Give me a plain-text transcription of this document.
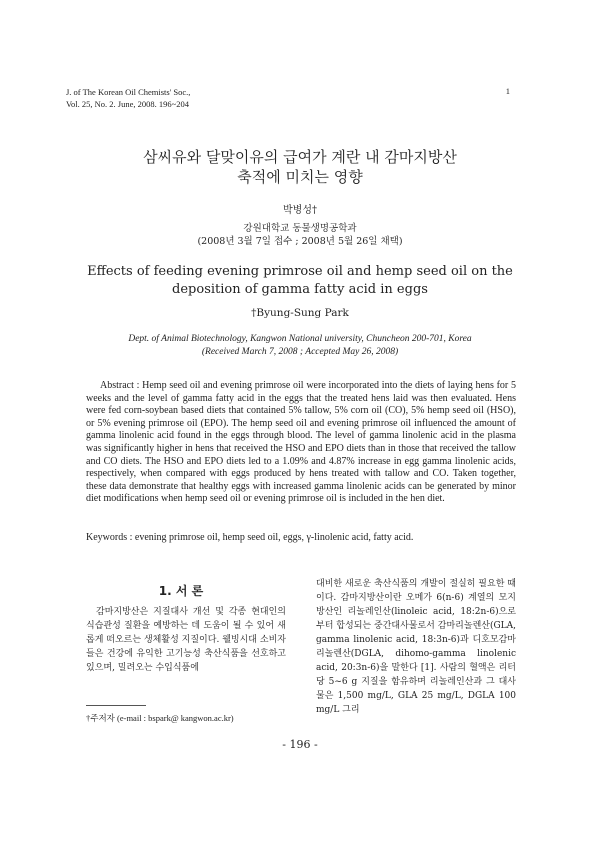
J. of The Korean Oil Chemists' Soc.,
Vol. 25, No. 2. June, 2008. 196~204
1
삼씨유와 달맞이유의 급여가 계란 내 감마지방산
축적에 미치는 영향
박병성†
강원대학교 동물생명공학과
(2008년 3월 7일 접수 ; 2008년 5월 26일 채택)
Effects of feeding evening primrose oil and hemp seed oil on the
deposition of gamma fatty acid in eggs
†Byung-Sung Park
Dept. of Animal Biotechnology, Kangwon National university, Chuncheon 200-701, Korea
(Received March 7, 2008 ; Accepted May 26, 2008)
Abstract : Hemp seed oil and evening primrose oil were incorporated into the diets of laying hens for 5 weeks and the level of gamma fatty acid in the eggs that the treated hens laid was then evaluated. Hens were fed corn-soybean based diets that contained 5% tallow, 5% corn oil (CO), 5% hemp seed oil (HSO), or 5% evening primrose oil (EPO). The hemp seed oil and evening primrose oil influenced the amount of gamma linolenic acid found in the eggs through blood. The level of gamma linolenic acid in the plasma was significantly higher in hens that received the HSO and EPO diets than in those that received the tallow and CO diets. The HSO and EPO diets led to a 1.09% and 4.87% increase in egg gamma linolenic acids, respectively, when compared with eggs produced by hens treated with tallow and CO. Taken together, these data demonstrate that healthy eggs with increased gamma linolenic acids can be generated by minor diet modifications when hemp seed oil or evening primrose oil is included in the hen diet.
Keywords : evening primrose oil, hemp seed oil, eggs, γ-linolenic acid, fatty acid.
1. 서 론
감마지방산은 지질대사 개선 및 각종 현대인의 식습관성 질환을 예방하는 데 도움이 될 수 있어 새롭게 떠오르는 생체활성 지질이다. 웰빙시대 소비자들은 건강에 유익한 고기능성 축산식품을 선호하고 있으며, 밀려오는 수입식품에
대비한 새로운 축산식품의 개발이 절실히 필요한 때이다. 감마지방산이란 오메가 6(n-6) 계열의 모지방산인 리놀레인산(linoleic acid, 18:2n-6)으로부터 합성되는 중간대사물로서 감마리놀렌산(GLA, gamma linolenic acid, 18:3n-6)과 디호모감마리놀렌산(DGLA, dihomo-gamma linolenic acid, 20:3n-6)을 말한다 [1]. 사람의 혈액은 리터당 5~6 g 지질을 함유하며 리놀레인산과 그 대사물은 1,500 mg/L, GLA 25 mg/L, DGLA 100 mg/L 그리
†주저자 (e-mail : bspark@ kangwon.ac.kr)
- 196 -
